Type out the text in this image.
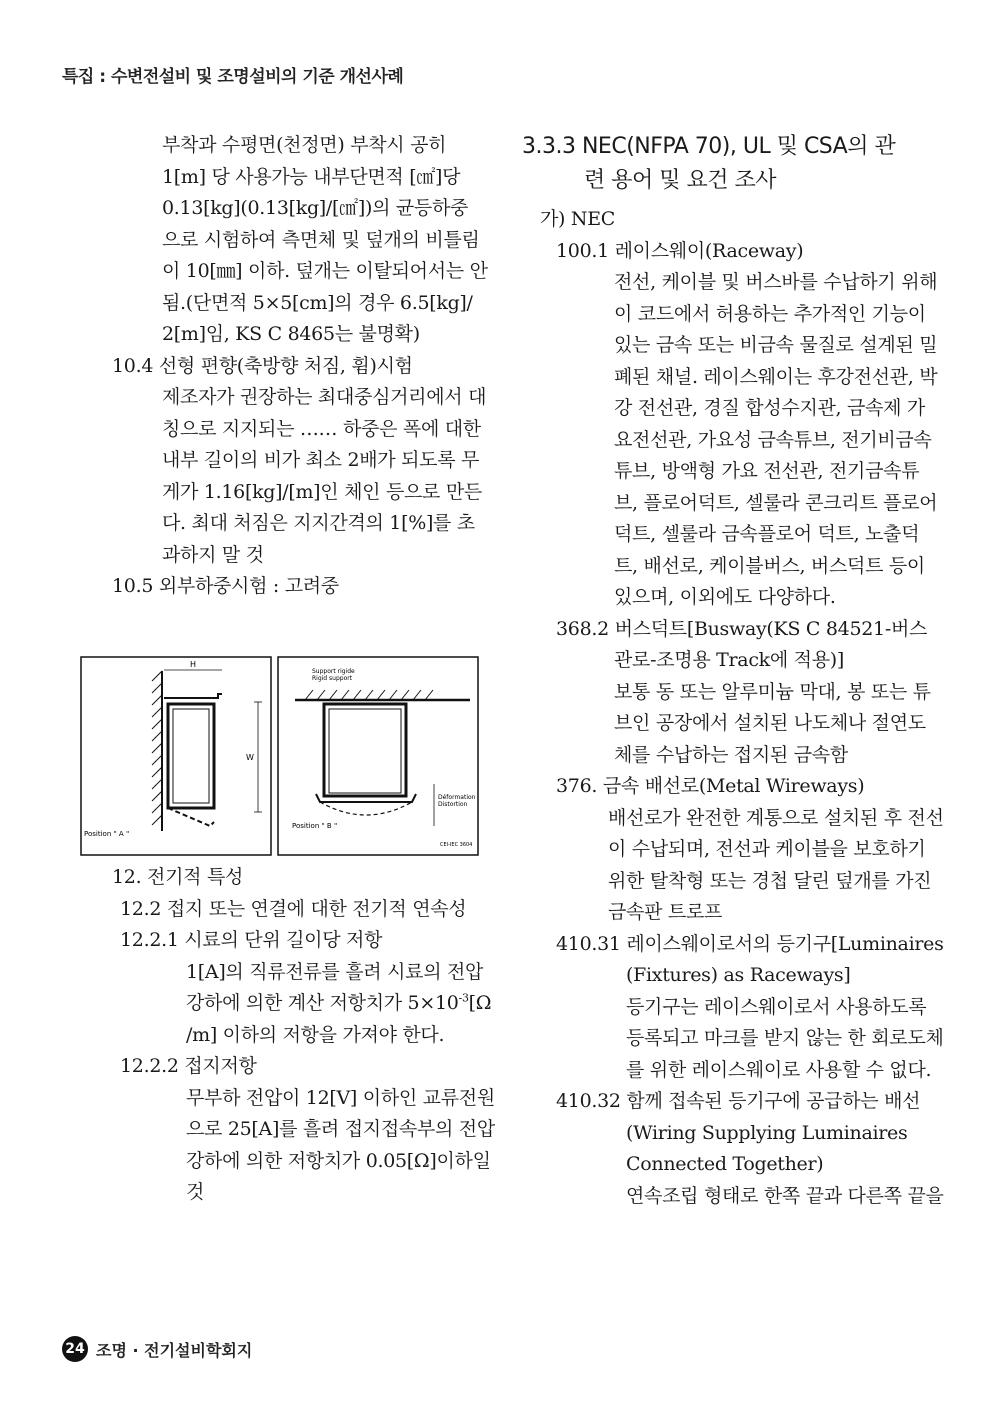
특집 : 수변전설비 및 조명설비의 기준 개선사례
부착과 수평면(천정면) 부착시 공히
1[m] 당 사용가능 내부단면적 [㎠]당
0.13[kg](0.13[kg]/[㎠])의 균등하중
으로 시험하여 측면체 및 덮개의 비틀림
이 10[㎜] 이하. 덮개는 이탈되어서는 안
됨.(단면적 5×5[cm]의 경우 6.5[kg]/
2[m]임, KS C 8465는 불명확)
10.4 선형 편향(축방향 처짐, 휨)시험
제조자가 권장하는 최대중심거리에서 대
칭으로 지지되는 …… 하중은 폭에 대한
내부 길이의 비가 최소 2배가 되도록 무
게가 1.16[kg]/[m]인 체인 등으로 만든
다. 최대 처짐은 지지간격의 1[%]를 초
과하지 말 것
10.5 외부하중시험 : 고려중
H
W
Position " A "
Support rigide
Rigid support
Déformation
Distortion
Position " B "
CEI-IEC 3604
12. 전기적 특성
12.2 접지 또는 연결에 대한 전기적 연속성
12.2.1 시료의 단위 길이당 저항
1[A]의 직류전류를 흘려 시료의 전압
강하에 의한 계산 저항치가 $5\times 10^{-3}[\Omega$
/m] 이하의 저항을 가져야 한다.
12.2.2 접지저항
무부하 전압이 12[V] 이하인 교류전원
으로 25[A]를 흘려 접지접속부의 전압
강하에 의한 저항치가 0.05[Ω]이하일
것
3.3.3 NEC(NFPA 70), UL 및 CSA의 관
련 용어 및 요건 조사
가) NEC
100.1 레이스웨이(Raceway)
전선, 케이블 및 버스바를 수납하기 위해
이 코드에서 허용하는 추가적인 기능이
있는 금속 또는 비금속 물질로 설계된 밀
폐된 채널. 레이스웨이는 후강전선관, 박
강 전선관, 경질 합성수지관, 금속제 가
요전선관, 가요성 금속튜브, 전기비금속
튜브, 방액형 가요 전선관, 전기금속튜
브, 플로어덕트, 셀룰라 콘크리트 플로어
덕트, 셀룰라 금속플로어 덕트, 노출덕
트, 배선로, 케이블버스, 버스덕트 등이
있으며, 이외에도 다양하다.
368.2 버스덕트[Busway(KS C 84521-버스
관로-조명용 Track에 적용)]
보통 동 또는 알루미늄 막대, 봉 또는 튜
브인 공장에서 설치된 나도체나 절연도
체를 수납하는 접지된 금속함
376. 금속 배선로(Metal Wireways)
배선로가 완전한 계통으로 설치된 후 전선
이 수납되며, 전선과 케이블을 보호하기
위한 탈착형 또는 경첩 달린 덮개를 가진
금속판 트로프
410.31 레이스웨이로서의 등기구[Luminaires
(Fixtures) as Raceways]
등기구는 레이스웨이로서 사용하도록
등록되고 마크를 받지 않는 한 회로도체
를 위한 레이스웨이로 사용할 수 없다.
410.32 함께 접속된 등기구에 공급하는 배선
(Wiring Supplying Luminaires
Connected Together)
연속조립 형태로 한쪽 끝과 다른쪽 끝을
24 조명 · 전기설비학회지
